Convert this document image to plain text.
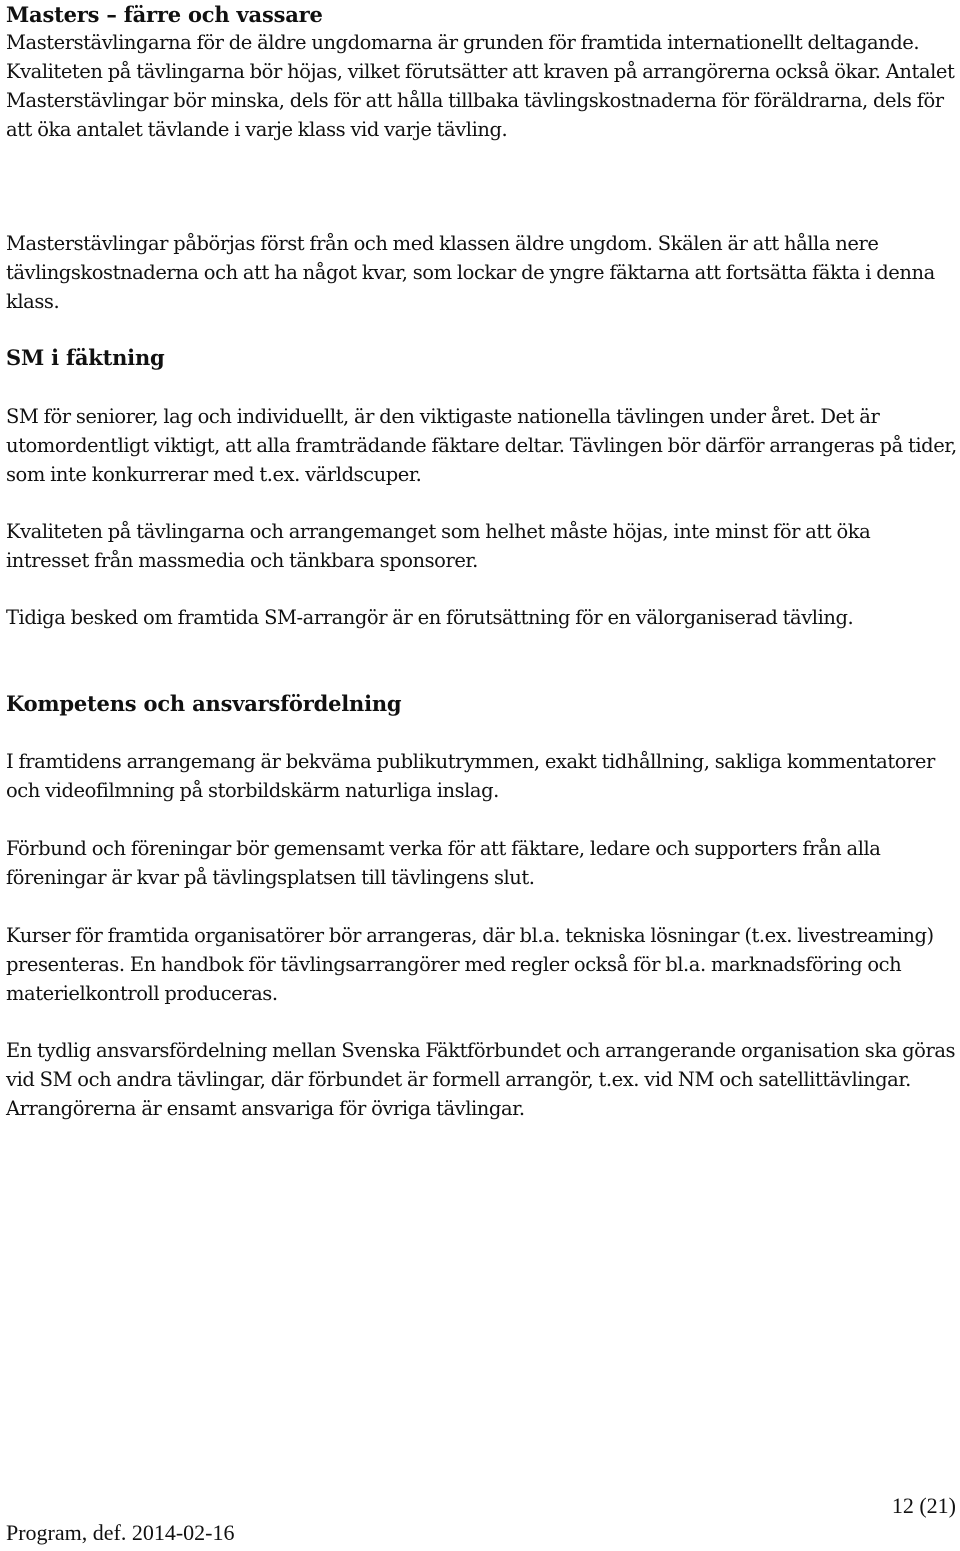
Masters – färre och vassare

Masterstävlingarna för de äldre ungdomarna är grunden för framtida internationellt deltagande. Kvaliteten på tävlingarna bör höjas, vilket förutsätter att kraven på arrangörerna också ökar. Antalet Masterstävlingar bör minska, dels för att hålla tillbaka tävlingskostnaderna för föräldrarna, dels för att öka antalet tävlande i varje klass vid varje tävling.

Masterstävlingar påbörjas först från och med klassen äldre ungdom. Skälen är att hålla nere tävlingskostnaderna och att ha något kvar, som lockar de yngre fäktarna att fortsätta fäkta i denna klass.

SM i fäktning

SM för seniorer, lag och individuellt, är den viktigaste nationella tävlingen under året. Det är utomordentligt viktigt, att alla framträdande fäktare deltar. Tävlingen bör därför arrangeras på tider, som inte konkurrerar med t.ex. världscuper.

Kvaliteten på tävlingarna och arrangemanget som helhet måste höjas, inte minst för att öka intresset från massmedia och tänkbara sponsorer.

Tidiga besked om framtida SM-arrangör är en förutsättning för en välorganiserad tävling.

Kompetens och ansvarsfördelning

I framtidens arrangemang är bekväma publikutrymmen, exakt tidhållning, sakliga kommentatorer och videofilmning på storbildskärm naturliga inslag.

Förbund och föreningar bör gemensamt verka för att fäktare, ledare och supporters från alla föreningar är kvar på tävlingsplatsen till tävlingens slut.

Kurser för framtida organisatörer bör arrangeras, där bl.a. tekniska lösningar (t.ex. livestreaming) presenteras. En handbok för tävlingsarrangörer med regler också för bl.a. marknadsföring och materielkontroll produceras.

En tydlig ansvarsfördelning mellan Svenska Fäktförbundet och arrangerande organisation ska göras vid SM och andra tävlingar, där förbundet är formell arrangör, t.ex. vid NM och satellittävlingar. Arrangörerna är ensamt ansvariga för övriga tävlingar.

12 (21)
Program, def. 2014-02-16
